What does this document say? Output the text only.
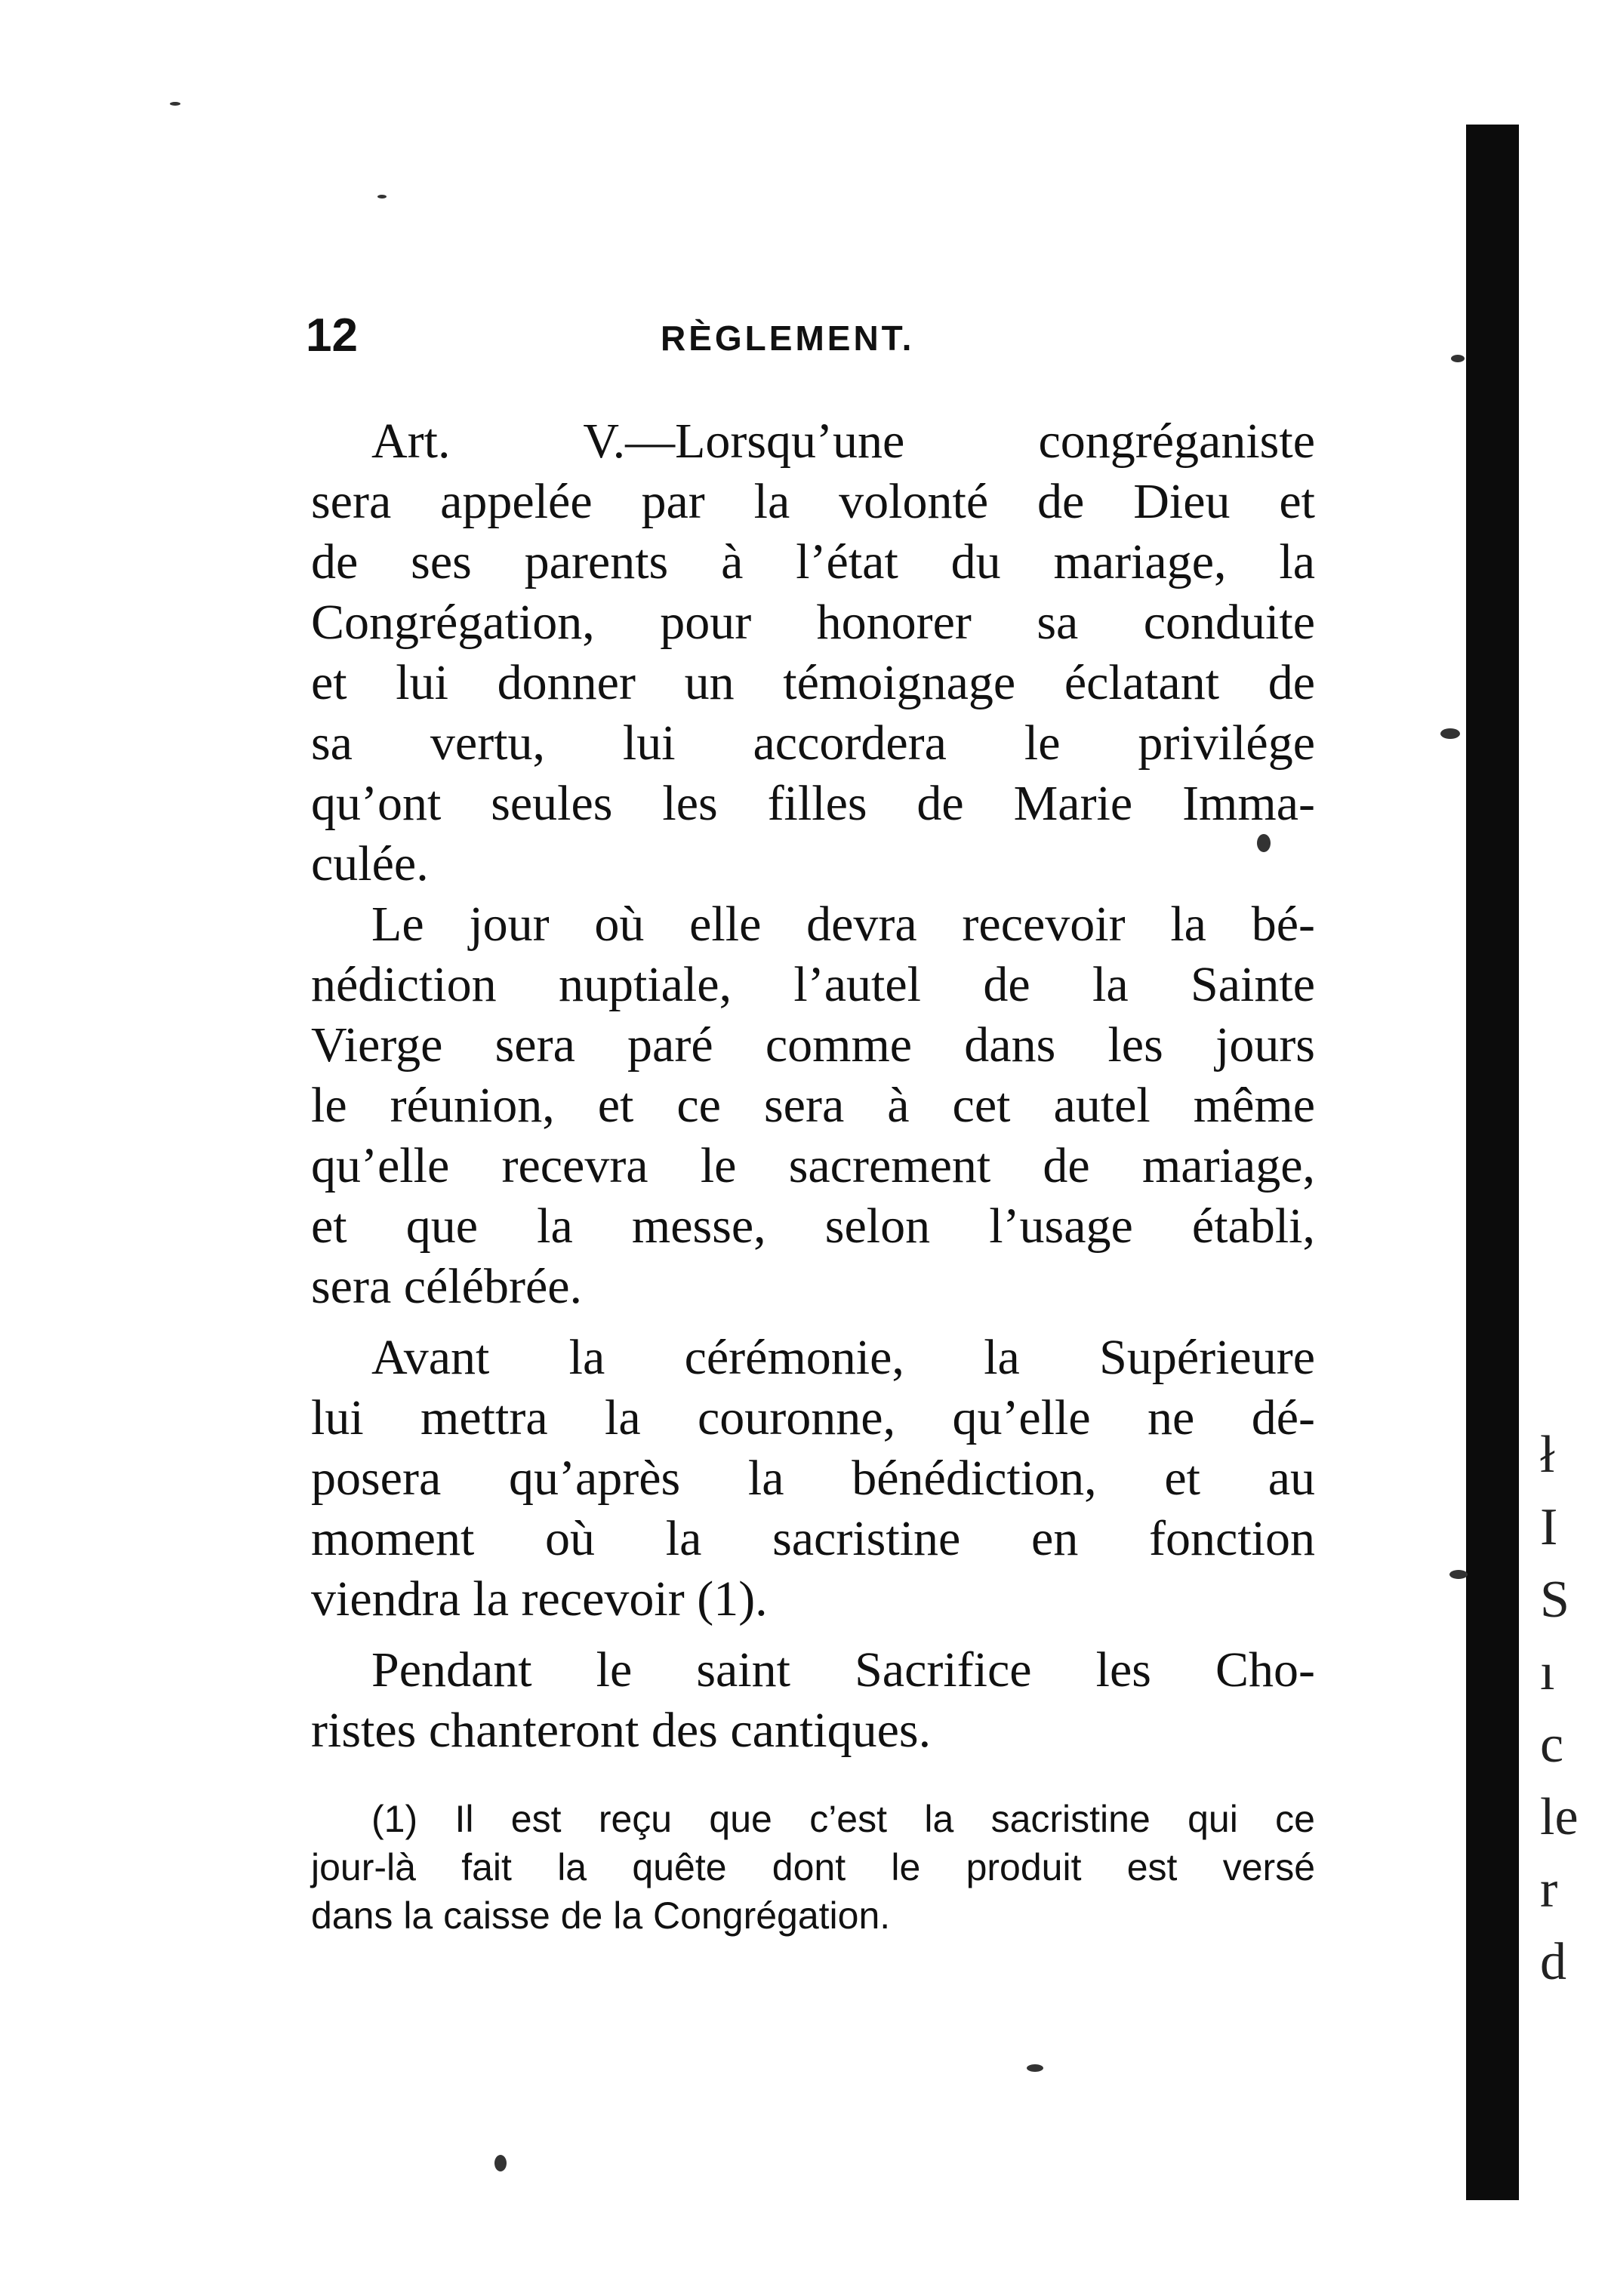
12	RÈGLEMENT.
Art. V.—Lorsqu’une congréganiste
sera appelée par la volonté de Dieu et
de ses parents à l’état du mariage, la
Congrégation, pour honorer sa conduite
et lui donner un témoignage éclatant de
sa vertu, lui accordera le privilége
qu’ont seules les filles de Marie Imma-
culée.
Le jour où elle devra recevoir la bé-
nédiction nuptiale, l’autel de la Sainte
Vierge sera paré comme dans les jours
le réunion, et ce sera à cet autel même
qu’elle recevra le sacrement de mariage,
et que la messe, selon l’usage établi,
sera célébrée.
Avant la cérémonie, la Supérieure
lui mettra la couronne, qu’elle ne dé-
posera qu’après la bénédiction, et au
moment où la sacristine en fonction
viendra la recevoir (1).
Pendant le saint Sacrifice les Cho-
ristes chanteront des cantiques.
(1) Il est reçu que c’est la sacristine qui ce
jour-là fait la quête dont le produit est versé
dans la caisse de la Congrégation.
ł
I
S
ı
c
le
r
d
